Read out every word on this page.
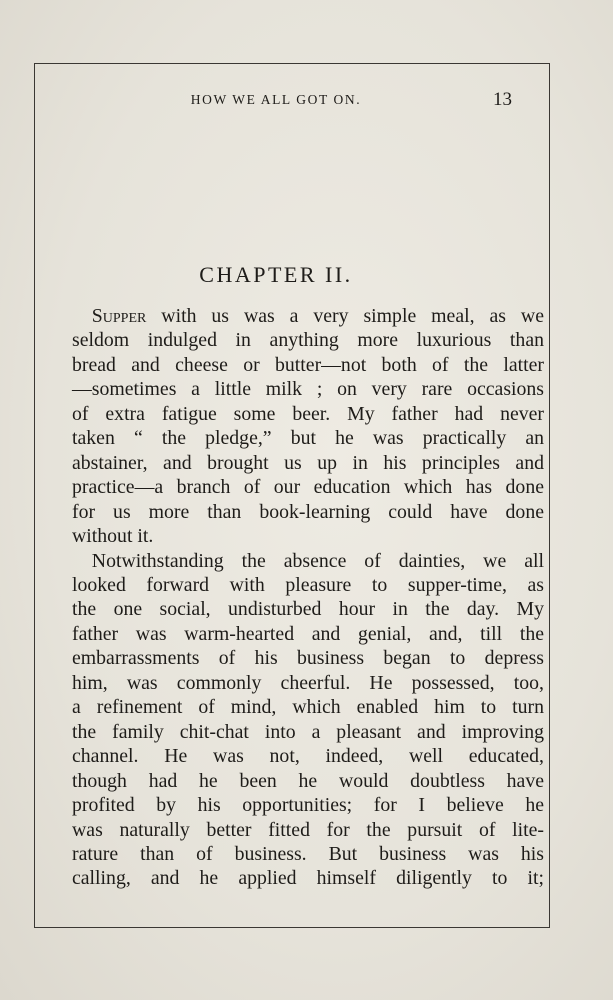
HOW WE ALL GOT ON.	13
CHAPTER II.
 Supper with us was a very simple meal, as we
seldom indulged in anything more luxurious than
bread and cheese or butter—not both of the latter
—sometimes a little milk ; on very rare occasions
of extra fatigue some beer. My father had never
taken “ the pledge,” but he was practically an
abstainer, and brought us up in his principles and
practice—a branch of our education which has done
for us more than book-learning could have done
without it.
 Notwithstanding the absence of dainties, we all
looked forward with pleasure to supper-time, as
the one social, undisturbed hour in the day. My
father was warm-hearted and genial, and, till the
embarrassments of his business began to depress
him, was commonly cheerful. He possessed, too,
a refinement of mind, which enabled him to turn
the family chit-chat into a pleasant and improving
channel. He was not, indeed, well educated,
though had he been he would doubtless have
profited by his opportunities; for I believe he
was naturally better fitted for the pursuit of lite-
rature than of business. But business was his
calling, and he applied himself diligently to it;
